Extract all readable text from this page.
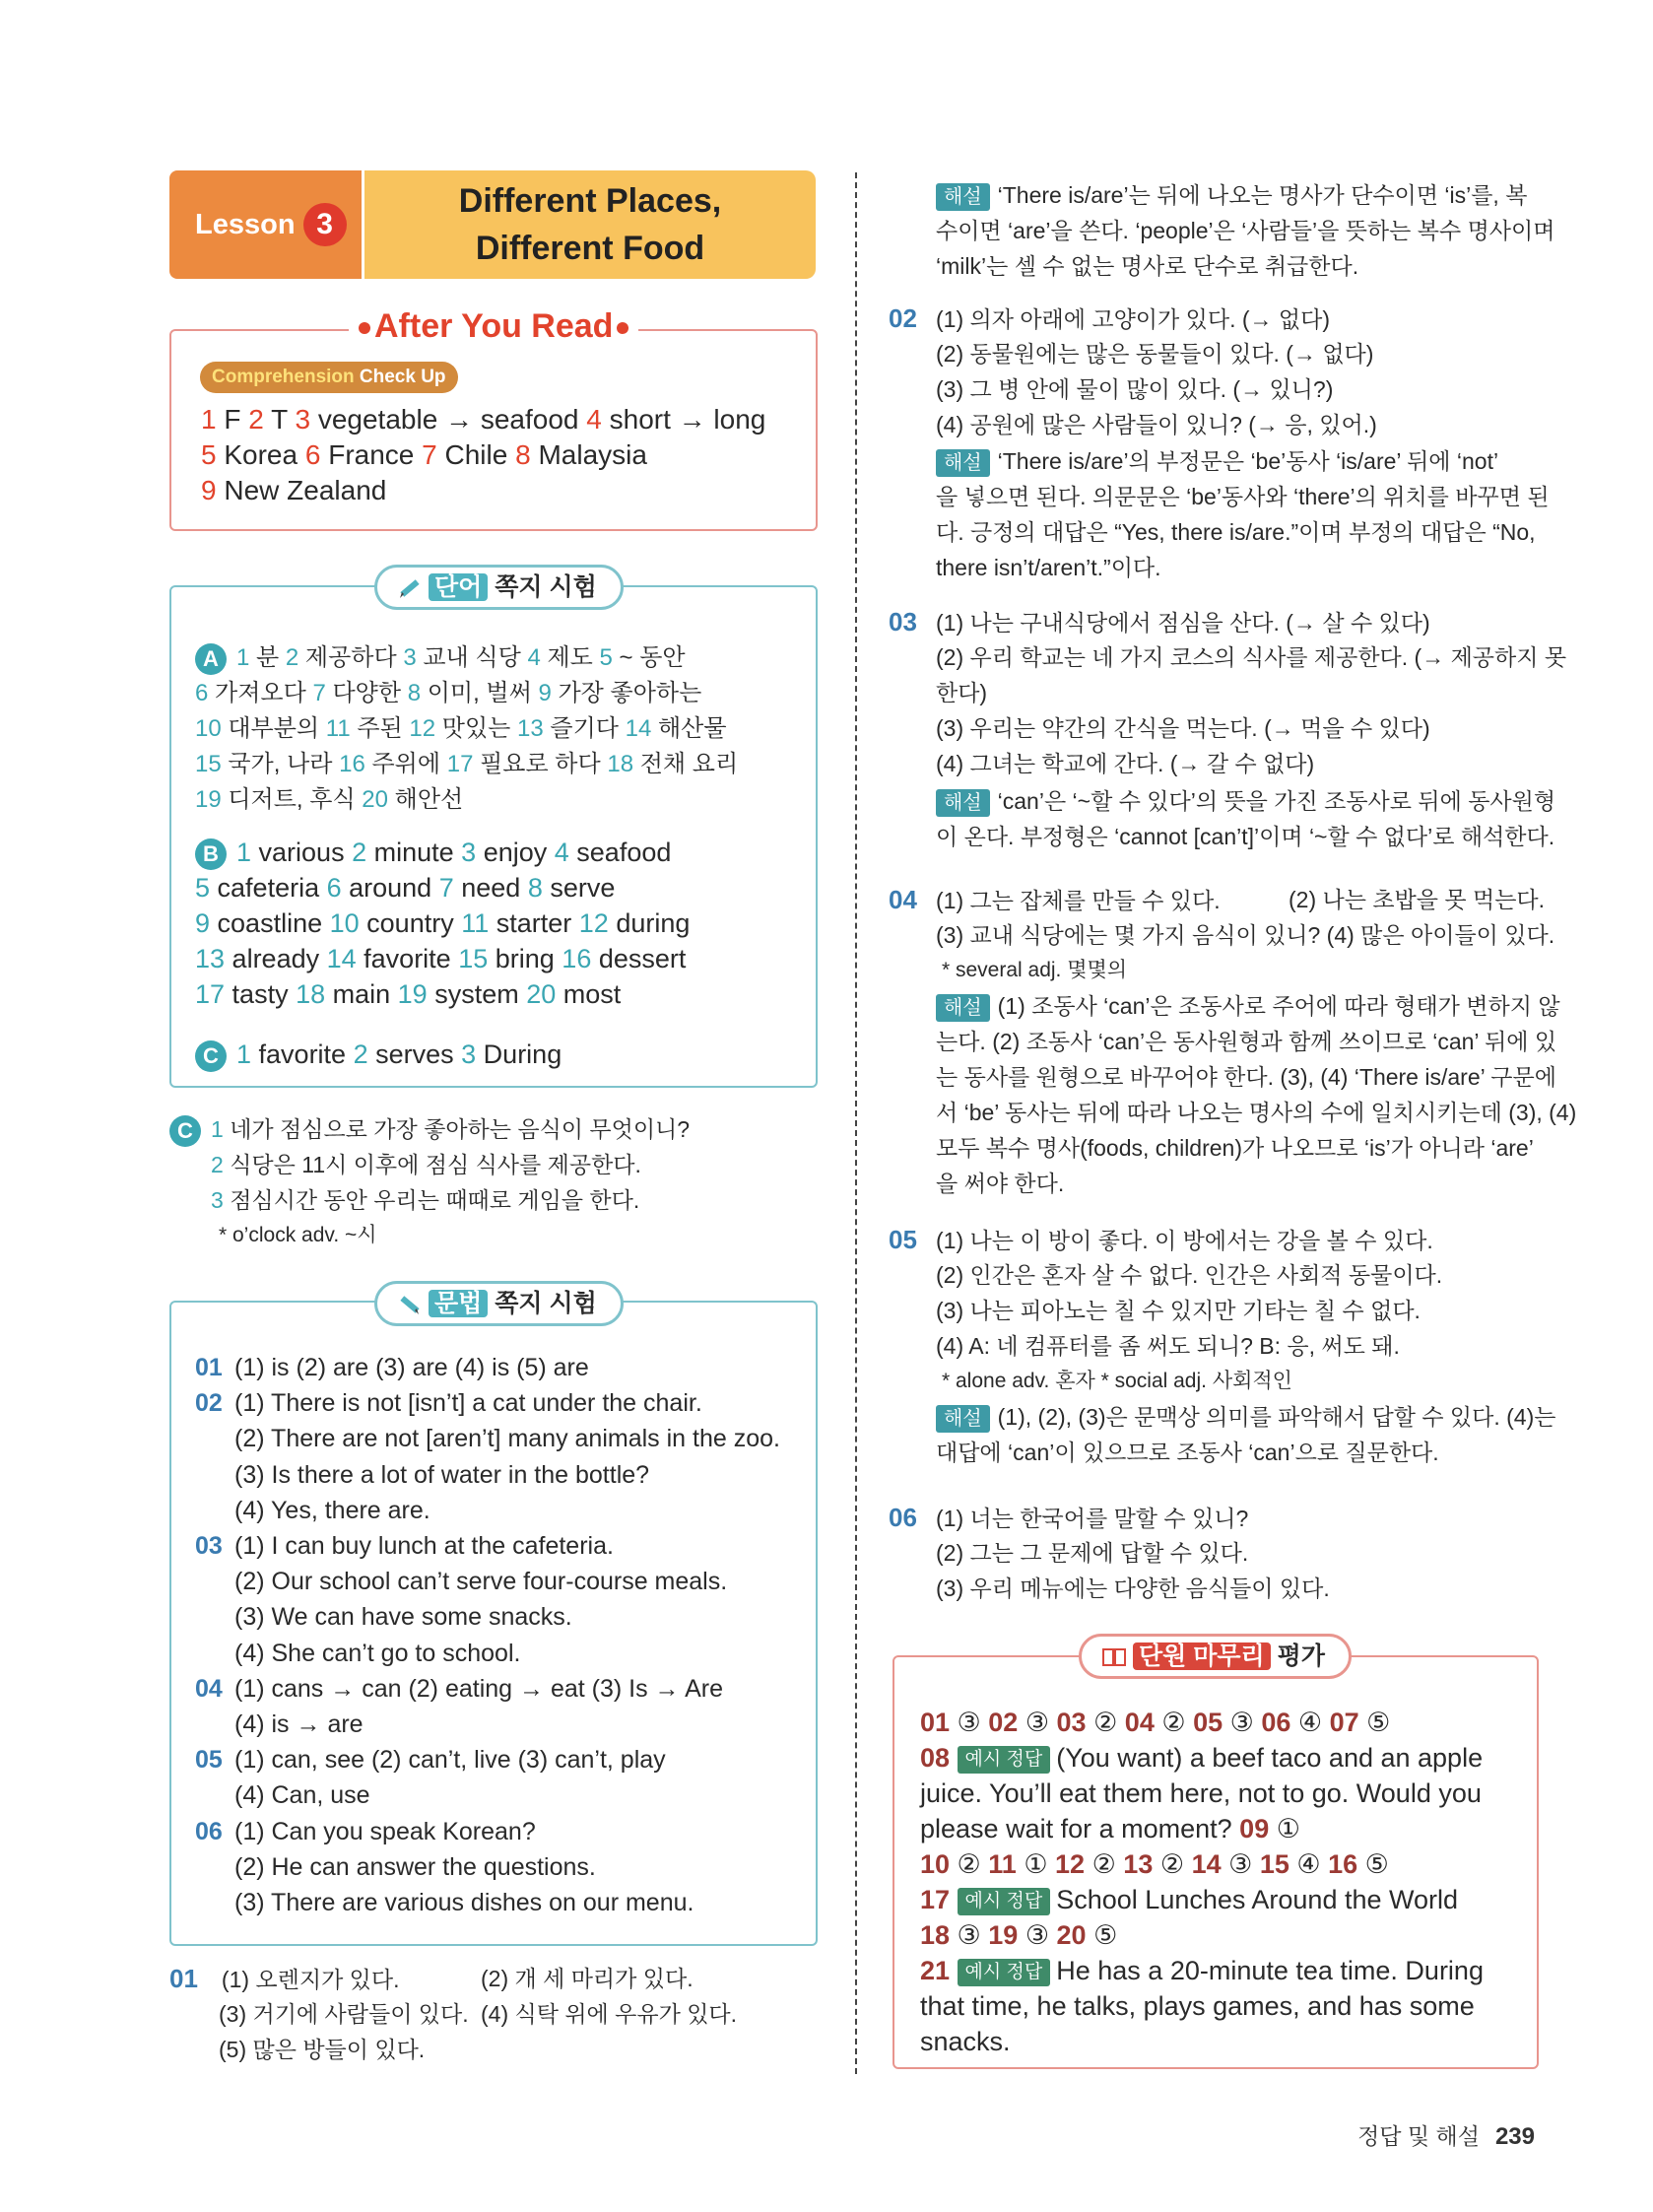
Lesson 3
Different Places,
Different Food
After You Read
Comprehension Check Up
단어 쪽지 시험
문법 쪽지 시험
01 (1) 오렌지가 있다.	(2) 개 세 마리가 있다.
(3) 거기에 사람들이 있다. (4) 식탁 위에 우유가 있다.
(5) 많은 방들이 있다.
단원 마무리 평가
정답 및 해설 239
1 F 2 T 3 vegetable → seafood 4 short → long
5 Korea 6 France 7 Chile 8 Malaysia
9 New Zealand
A 1 분 2 제공하다 3 교내 식당 4 제도 5 ~ 동안
6 가져오다 7 다양한 8 이미, 벌써 9 가장 좋아하는
10 대부분의 11 주된 12 맛있는 13 즐기다 14 해산물
15 국가, 나라 16 주위에 17 필요로 하다 18 전채 요리
19 디저트, 후식 20 해안선
B 1 various 2 minute 3 enjoy 4 seafood
5 cafeteria 6 around 7 need 8 serve
9 coastline 10 country 11 starter 12 during
13 already 14 favorite 15 bring 16 dessert
17 tasty 18 main 19 system 20 most
C 1 favorite 2 serves 3 During
C 1 네가 점심으로 가장 좋아하는 음식이 무엇이니?
2 식당은 11시 이후에 점심 식사를 제공한다.
3 점심시간 동안 우리는 때때로 게임을 한다.
* o’clock adv. ~시
01 (1) is (2) are (3) are (4) is (5) are
02 (1) There is not [isn’t] a cat under the chair.
(2) There are not [aren’t] many animals in the zoo.
(3) Is there a lot of water in the bottle?
(4) Yes, there are.
03 (1) I can buy lunch at the cafeteria.
(2) Our school can’t serve four-course meals.
(3) We can have some snacks.
(4) She can’t go to school.
04 (1) cans → can (2) eating → eat (3) Is → Are
(4) is → are
05 (1) can, see (2) can’t, live (3) can’t, play
(4) Can, use
06 (1) Can you speak Korean?
(2) He can answer the questions.
(3) There are various dishes on our menu.
해설 ‘There is/are’는 뒤에 나오는 명사가 단수이면 ‘is’를, 복
수이면 ‘are’을 쓴다. ‘people’은 ‘사람들’을 뜻하는 복수 명사이며
‘milk’는 셀 수 없는 명사로 단수로 취급한다.
02 (1) 의자 아래에 고양이가 있다. (→ 없다)
(2) 동물원에는 많은 동물들이 있다. (→ 없다)
(3) 그 병 안에 물이 많이 있다. (→ 있니?)
(4) 공원에 많은 사람들이 있니? (→ 응, 있어.)
해설 ‘There is/are’의 부정문은 ‘be’동사 ‘is/are’ 뒤에 ‘not’
을 넣으면 된다. 의문문은 ‘be’동사와 ‘there’의 위치를 바꾸면 된
다. 긍정의 대답은 “Yes, there is/are.”이며 부정의 대답은 “No,
there isn’t/aren’t.”이다.
03 (1) 나는 구내식당에서 점심을 산다. (→ 살 수 있다)
(2) 우리 학교는 네 가지 코스의 식사를 제공한다. (→ 제공하지 못
한다)
(3) 우리는 약간의 간식을 먹는다. (→ 먹을 수 있다)
(4) 그녀는 학교에 간다. (→ 갈 수 없다)
해설 ‘can’은 ‘~할 수 있다’의 뜻을 가진 조동사로 뒤에 동사원형
이 온다. 부정형은 ‘cannot [can’t]’이며 ‘~할 수 없다’로 해석한다.
04 (1) 그는 잡체를 만들 수 있다.	(2) 나는 초밥을 못 먹는다.
(3) 교내 식당에는 몇 가지 음식이 있니? (4) 많은 아이들이 있다.
* several adj. 몇몇의
해설 (1) 조동사 ‘can’은 조동사로 주어에 따라 형태가 변하지 않
는다. (2) 조동사 ‘can’은 동사원형과 함께 쓰이므로 ‘can’ 뒤에 있
는 동사를 원형으로 바꾸어야 한다. (3), (4) ‘There is/are’ 구문에
서 ‘be’ 동사는 뒤에 따라 나오는 명사의 수에 일치시키는데 (3), (4)
모두 복수 명사(foods, children)가 나오므로 ‘is’가 아니라 ‘are’
을 써야 한다.
05 (1) 나는 이 방이 좋다. 이 방에서는 강을 볼 수 있다.
(2) 인간은 혼자 살 수 없다. 인간은 사회적 동물이다.
(3) 나는 피아노는 칠 수 있지만 기타는 칠 수 없다.
(4) A: 네 컴퓨터를 좀 써도 되니? B: 응, 써도 돼.
* alone adv. 혼자 * social adj. 사회적인
해설 (1), (2), (3)은 문맥상 의미를 파악해서 답할 수 있다. (4)는
대답에 ‘can’이 있으므로 조동사 ‘can’으로 질문한다.
06 (1) 너는 한국어를 말할 수 있니?
(2) 그는 그 문제에 답할 수 있다.
(3) 우리 메뉴에는 다양한 음식들이 있다.
01 ③ 02 ③ 03 ② 04 ② 05 ③ 06 ④ 07 ⑤
08 예시 정답 (You want) a beef taco and an apple
juice. You’ll eat them here, not to go. Would you
please wait for a moment? 09 ①
10 ② 11 ① 12 ② 13 ② 14 ③ 15 ④ 16 ⑤
17 예시 정답 School Lunches Around the World
18 ③ 19 ③ 20 ⑤
21 예시 정답 He has a 20-minute tea time. During
that time, he talks, plays games, and has some
snacks.
